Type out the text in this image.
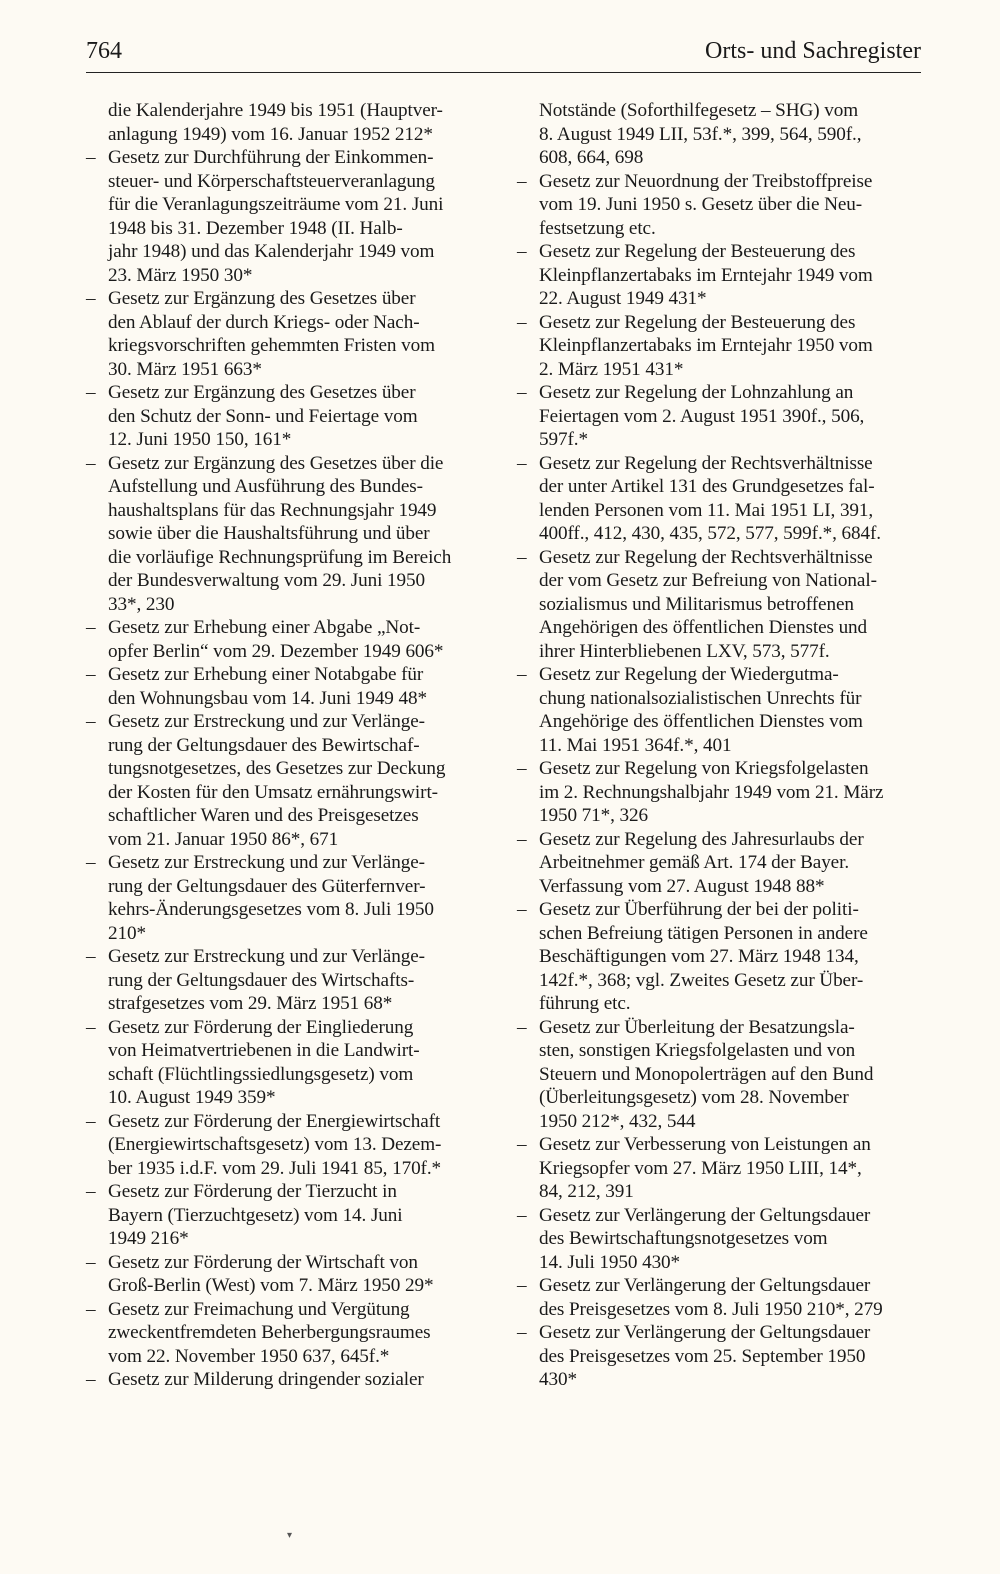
764	Orts- und Sachregister
die Kalenderjahre 1949 bis 1951 (Hauptver-
anlagung 1949) vom 16. Januar 1952 212*
– Gesetz zur Durchführung der Einkommen-
steuer- und Körperschaftsteuerveranlagung
für die Veranlagungszeiträume vom 21. Juni
1948 bis 31. Dezember 1948 (II. Halb-
jahr 1948) und das Kalenderjahr 1949 vom
23. März 1950 30*
– Gesetz zur Ergänzung des Gesetzes über
den Ablauf der durch Kriegs- oder Nach-
kriegsvorschriften gehemmten Fristen vom
30. März 1951 663*
– Gesetz zur Ergänzung des Gesetzes über
den Schutz der Sonn- und Feiertage vom
12. Juni 1950 150, 161*
– Gesetz zur Ergänzung des Gesetzes über die
Aufstellung und Ausführung des Bundes-
haushaltsplans für das Rechnungsjahr 1949
sowie über die Haushaltsführung und über
die vorläufige Rechnungsprüfung im Bereich
der Bundesverwaltung vom 29. Juni 1950
33*, 230
– Gesetz zur Erhebung einer Abgabe „Not-
opfer Berlin“ vom 29. Dezember 1949 606*
– Gesetz zur Erhebung einer Notabgabe für
den Wohnungsbau vom 14. Juni 1949 48*
– Gesetz zur Erstreckung und zur Verlänge-
rung der Geltungsdauer des Bewirtschaf-
tungsnotgesetzes, des Gesetzes zur Deckung
der Kosten für den Umsatz ernährungswirt-
schaftlicher Waren und des Preisgesetzes
vom 21. Januar 1950 86*, 671
– Gesetz zur Erstreckung und zur Verlänge-
rung der Geltungsdauer des Güterfernver-
kehrs-Änderungsgesetzes vom 8. Juli 1950
210*
– Gesetz zur Erstreckung und zur Verlänge-
rung der Geltungsdauer des Wirtschafts-
strafgesetzes vom 29. März 1951 68*
– Gesetz zur Förderung der Eingliederung
von Heimatvertriebenen in die Landwirt-
schaft (Flüchtlingssiedlungsgesetz) vom
10. August 1949 359*
– Gesetz zur Förderung der Energiewirtschaft
(Energiewirtschaftsgesetz) vom 13. Dezem-
ber 1935 i.d.F. vom 29. Juli 1941 85, 170f.*
– Gesetz zur Förderung der Tierzucht in
Bayern (Tierzuchtgesetz) vom 14. Juni
1949 216*
– Gesetz zur Förderung der Wirtschaft von
Groß-Berlin (West) vom 7. März 1950 29*
– Gesetz zur Freimachung und Vergütung
zweckentfremdeten Beherbergungsraumes
vom 22. November 1950 637, 645f.*
– Gesetz zur Milderung dringender sozialer
Notstände (Soforthilfegesetz – SHG) vom
8. August 1949 LII, 53f.*, 399, 564, 590f.,
608, 664, 698
– Gesetz zur Neuordnung der Treibstoffpreise
vom 19. Juni 1950 s. Gesetz über die Neu-
festsetzung etc.
– Gesetz zur Regelung der Besteuerung des
Kleinpflanzertabaks im Erntejahr 1949 vom
22. August 1949 431*
– Gesetz zur Regelung der Besteuerung des
Kleinpflanzertabaks im Erntejahr 1950 vom
2. März 1951 431*
– Gesetz zur Regelung der Lohnzahlung an
Feiertagen vom 2. August 1951 390f., 506,
597f.*
– Gesetz zur Regelung der Rechtsverhältnisse
der unter Artikel 131 des Grundgesetzes fal-
lenden Personen vom 11. Mai 1951 LI, 391,
400ff., 412, 430, 435, 572, 577, 599f.*, 684f.
– Gesetz zur Regelung der Rechtsverhältnisse
der vom Gesetz zur Befreiung von National-
sozialismus und Militarismus betroffenen
Angehörigen des öffentlichen Dienstes und
ihrer Hinterbliebenen LXV, 573, 577f.
– Gesetz zur Regelung der Wiedergutma-
chung nationalsozialistischen Unrechts für
Angehörige des öffentlichen Dienstes vom
11. Mai 1951 364f.*, 401
– Gesetz zur Regelung von Kriegsfolgelasten
im 2. Rechnungshalbjahr 1949 vom 21. März
1950 71*, 326
– Gesetz zur Regelung des Jahresurlaubs der
Arbeitnehmer gemäß Art. 174 der Bayer.
Verfassung vom 27. August 1948 88*
– Gesetz zur Überführung der bei der politi-
schen Befreiung tätigen Personen in andere
Beschäftigungen vom 27. März 1948 134,
142f.*, 368; vgl. Zweites Gesetz zur Über-
führung etc.
– Gesetz zur Überleitung der Besatzungsla-
sten, sonstigen Kriegsfolgelasten und von
Steuern und Monopolerträgen auf den Bund
(Überleitungsgesetz) vom 28. November
1950 212*, 432, 544
– Gesetz zur Verbesserung von Leistungen an
Kriegsopfer vom 27. März 1950 LIII, 14*,
84, 212, 391
– Gesetz zur Verlängerung der Geltungsdauer
des Bewirtschaftungsnotgesetzes vom
14. Juli 1950 430*
– Gesetz zur Verlängerung der Geltungsdauer
des Preisgesetzes vom 8. Juli 1950 210*, 279
– Gesetz zur Verlängerung der Geltungsdauer
des Preisgesetzes vom 25. September 1950
430*
▾
